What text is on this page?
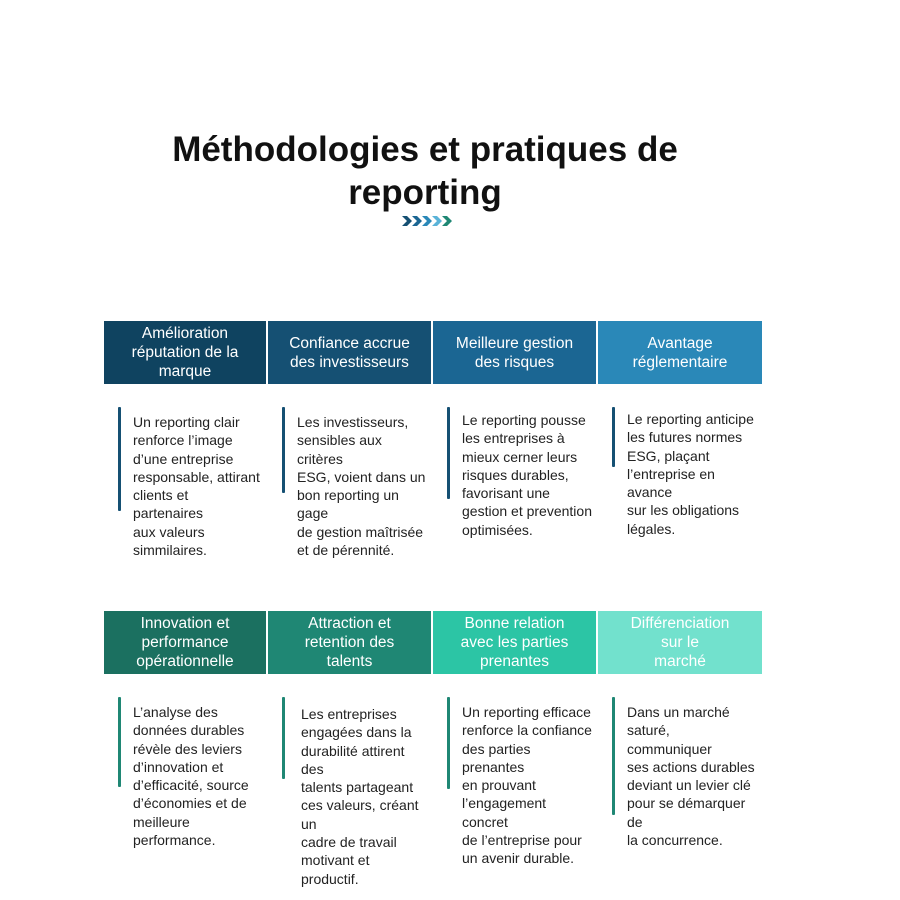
Méthodologies et pratiques de
reporting
Amélioration
réputation de la
marque
Confiance accrue
des investisseurs
Meilleure gestion
des risques
Avantage
réglementaire

Un reporting clair
renforce l’image
d’une entreprise
responsable, attirant
clients et partenaires
aux valeurs
simmilaires.

Les investisseurs,
sensibles aux critères
ESG, voient dans un
bon reporting un gage
de gestion maîtrisée
et de pérennité.

Le reporting pousse
les entreprises à
mieux cerner leurs
risques durables,
favorisant une
gestion et prevention
optimisées.

Le reporting anticipe
les futures normes
ESG, plaçant
l’entreprise en avance
sur les obligations
légales.

Innovation et
performance
opérationnelle
Attraction et
retention des
talents
Bonne relation
avec les parties
prenantes
Différenciation
sur le
marché

L’analyse des
données durables
révèle des leviers
d’innovation et
d’efficacité, source
d’économies et de
meilleure
performance.

Les entreprises
engagées dans la
durabilité attirent des
talents partageant
ces valeurs, créant un
cadre de travail
motivant et productif.

Un reporting efficace
renforce la confiance
des parties prenantes
en prouvant
l’engagement concret
de l’entreprise pour
un avenir durable.

Dans un marché
saturé, communiquer
ses actions durables
deviant un levier clé
pour se démarquer de
la concurrence.
